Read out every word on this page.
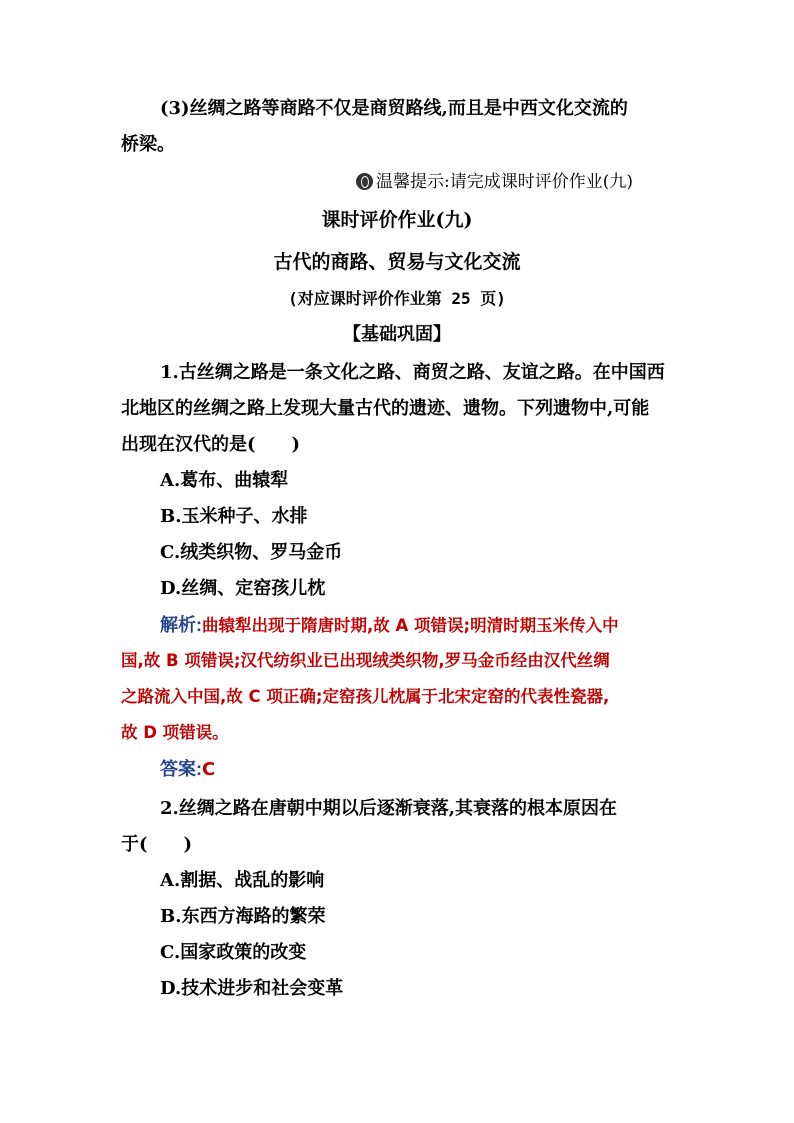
(3)丝绸之路等商路不仅是商贸路线,而且是中西文化交流的
桥梁。
温馨提示:请完成课时评价作业(九)
课时评价作业(九)
古代的商路、贸易与文化交流
(对应课时评价作业第 25 页)
【基础巩固】
1.古丝绸之路是一条文化之路、商贸之路、友谊之路。在中国西
北地区的丝绸之路上发现大量古代的遗迹、遗物。下列遗物中,可能
出现在汉代的是(　　)
A.葛布、曲辕犁
B.玉米种子、水排
C.绒类织物、罗马金币
D.丝绸、定窑孩儿枕
解析:曲辕犁出现于隋唐时期,故 A 项错误;明清时期玉米传入中
国,故 B 项错误;汉代纺织业已出现绒类织物,罗马金币经由汉代丝绸
之路流入中国,故 C 项正确;定窑孩儿枕属于北宋定窑的代表性瓷器,
故 D 项错误。
答案:C
2.丝绸之路在唐朝中期以后逐渐衰落,其衰落的根本原因在
于(　　)
A.割据、战乱的影响
B.东西方海路的繁荣
C.国家政策的改变
D.技术进步和社会变革
